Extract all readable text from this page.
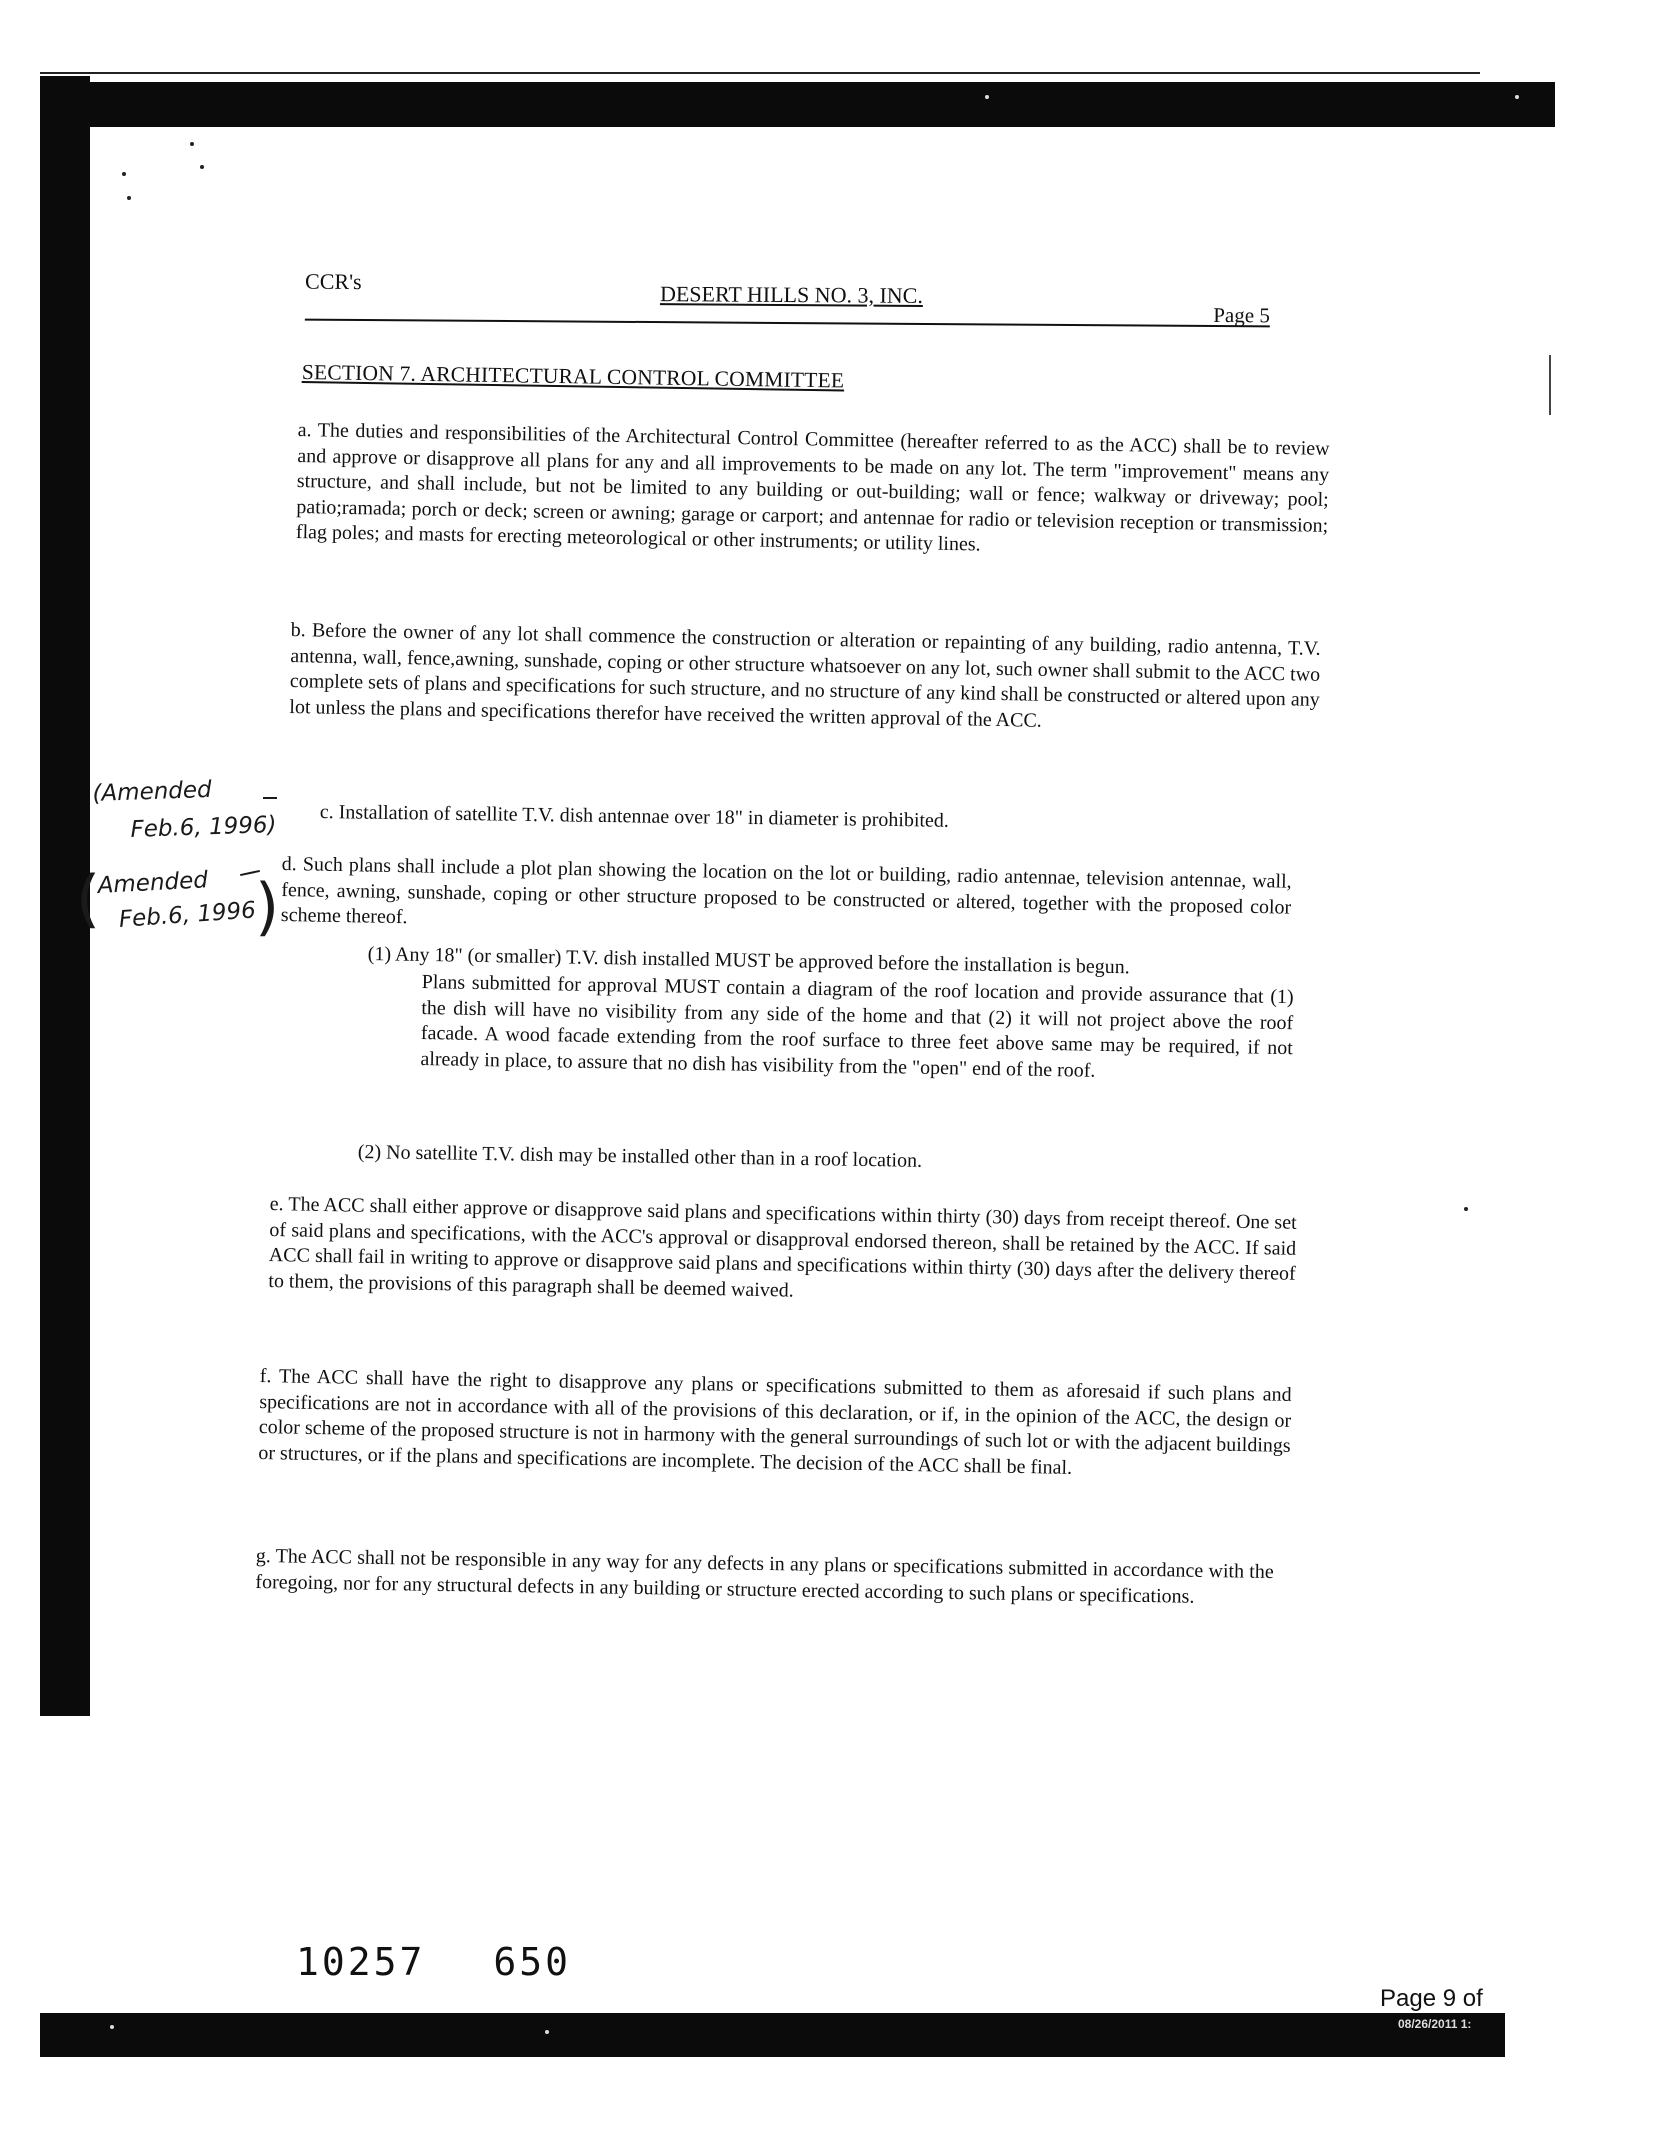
CCR's	DESERT HILLS NO. 3, INC.
Page 5
SECTION 7. ARCHITECTURAL CONTROL COMMITTEE

a. The duties and responsibilities of the Architectural Control Committee (hereafter referred to as the ACC) shall be to review and approve or disapprove all plans for any and all improvements to be made on any lot. The term "improvement" means any structure, and shall include, but not be limited to any building or out-building; wall or fence; walkway or driveway; pool; patio;ramada; porch or deck; screen or awning; garage or carport; and antennae for radio or television reception or transmission; flag poles; and masts for erecting meteorological or other instruments; or utility lines.

b. Before the owner of any lot shall commence the construction or alteration or repainting of any building, radio antenna, T.V. antenna, wall, fence,awning, sunshade, coping or other structure whatsoever on any lot, such owner shall submit to the ACC two complete sets of plans and specifications for such structure, and no structure of any kind shall be constructed or altered upon any lot unless the plans and specifications therefor have received the written approval of the ACC.

c. Installation of satellite T.V. dish antennae over 18" in diameter is prohibited.

d. Such plans shall include a plot plan showing the location on the lot or building, radio antennae, television antennae, wall, fence, awning, sunshade, coping or other structure proposed to be constructed or altered, together with the proposed color scheme thereof.

(1) Any 18" (or smaller) T.V. dish installed MUST be approved before the installation is begun.

Plans submitted for approval MUST contain a diagram of the roof location and provide assurance that (1) the dish will have no visibility from any side of the home and that (2) it will not project above the roof facade. A wood facade extending from the roof surface to three feet above same may be required, if not already in place, to assure that no dish has visibility from the "open" end of the roof.

(2) No satellite T.V. dish may be installed other than in a roof location.

e. The ACC shall either approve or disapprove said plans and specifications within thirty (30) days from receipt thereof. One set of said plans and specifications, with the ACC's approval or disapproval endorsed thereon, shall be retained by the ACC. If said ACC shall fail in writing to approve or disapprove said plans and specifications within thirty (30) days after the delivery thereof to them, the provisions of this paragraph shall be deemed waived.

f. The ACC shall have the right to disapprove any plans or specifications submitted to them as aforesaid if such plans and specifications are not in accordance with all of the provisions of this declaration, or if, in the opinion of the ACC, the design or color scheme of the proposed structure is not in harmony with the general surroundings of such lot or with the adjacent buildings or structures, or if the plans and specifications are incomplete. The decision of the ACC shall be final.

g. The ACC shall not be responsible in any way for any defects in any plans or specifications submitted in accordance with the foregoing, nor for any structural defects in any building or structure erected according to such plans or specifications.

(Amended
Feb.6, 1996)
(
Amended
Feb.6, 1996
)
10257 650
Page 9 of
08/26/2011 1:
